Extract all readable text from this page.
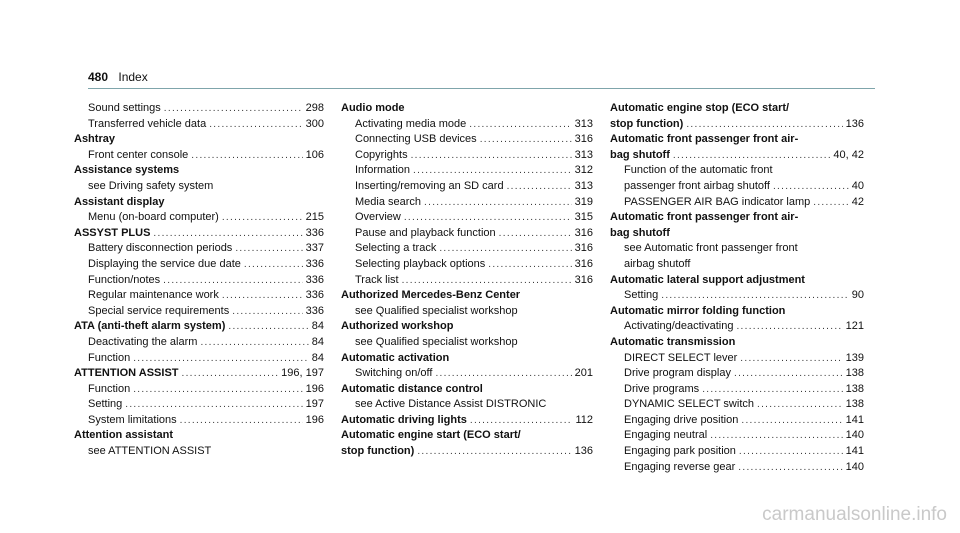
480 Index
Sound settings .....	298
Transferred vehicle data .....	300
Ashtray
Front center console .....	106
Assistance systems
see Driving safety system
Assistant display
Menu (on-board computer) .....	215
ASSYST PLUS .....	336
Battery disconnection periods .....	337
Displaying the service due date .....	336
Function/notes .....	336
Regular maintenance work .....	336
Special service requirements .....	336
ATA (anti-theft alarm system) .....	84
Deactivating the alarm .....	84
Function .....	84
ATTENTION ASSIST .....	196, 197
Function .....	196
Setting .....	197
System limitations .....	196
Attention assistant
see ATTENTION ASSIST
Audio mode
Activating media mode .....	313
Connecting USB devices .....	316
Copyrights .....	313
Information .....	312
Inserting/removing an SD card .....	313
Media search .....	319
Overview .....	315
Pause and playback function .....	316
Selecting a track .....	316
Selecting playback options .....	316
Track list .....	316
Authorized Mercedes-Benz Center
see Qualified specialist workshop
Authorized workshop
see Qualified specialist workshop
Automatic activation
Switching on/off .....	201
Automatic distance control
see Active Distance Assist DISTRONIC
Automatic driving lights .....	112
Automatic engine start (ECO start/
stop function) .....	136
Automatic engine stop (ECO start/
stop function) .....	136
Automatic front passenger front air-
bag shutoff .....	40, 42
Function of the automatic front
passenger front airbag shutoff .....	40
PASSENGER AIR BAG indicator lamp .....	42
Automatic front passenger front air-
bag shutoff
see Automatic front passenger front
airbag shutoff
Automatic lateral support adjustment
Setting .....	90
Automatic mirror folding function
Activating/deactivating .....	121
Automatic transmission
DIRECT SELECT lever .....	139
Drive program display .....	138
Drive programs .....	138
DYNAMIC SELECT switch .....	138
Engaging drive position .....	141
Engaging neutral .....	140
Engaging park position .....	141
Engaging reverse gear .....	140
carmanualsonline.info
